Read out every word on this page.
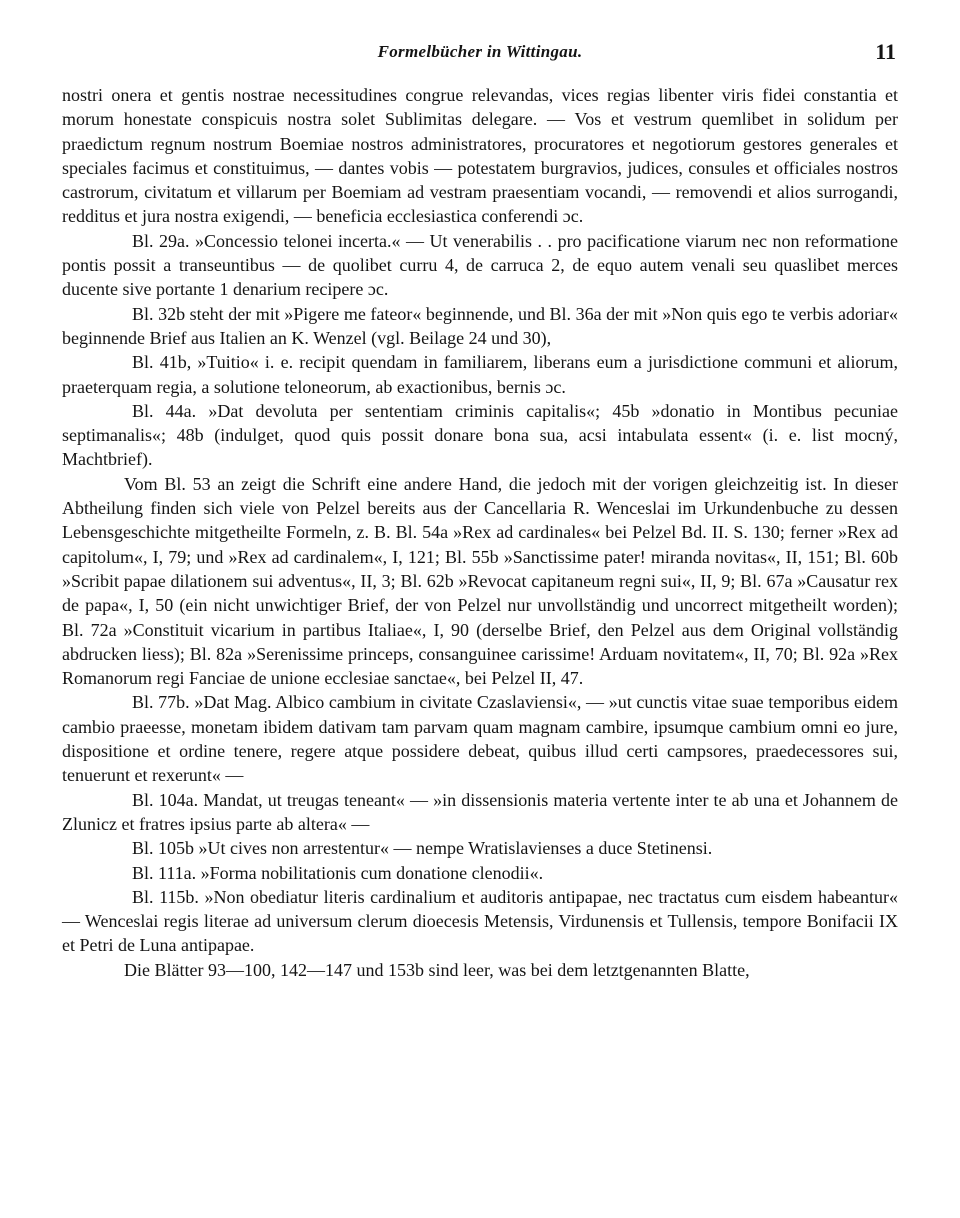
Formelbücher in Wittingau.	11

nostri onera et gentis nostrae necessitudines congrue relevandas, vices regias libenter viris fidei constantia et morum honestate conspicuis nostra solet Sublimitas delegare. — Vos et vestrum quemlibet in solidum per praedictum regnum nostrum Boemiae nostros administratores, procuratores et negotiorum gestores generales et speciales facimus et constituimus, — dantes vobis — potestatem burgravios, judices, consules et officiales nostros castrorum, civitatum et villarum per Boemiam ad vestram praesentiam vocandi, — removendi et alios surrogandi, redditus et jura nostra exigendi, — beneficia ecclesiastica conferendi ɔc.

Bl. 29a. »Concessio telonei incerta.« — Ut venerabilis . . pro pacificatione viarum nec non reformatione pontis possit a transeuntibus — de quolibet curru 4, de carruca 2, de equo autem venali seu quaslibet merces ducente sive portante 1 denarium recipere ɔc.

Bl. 32b steht der mit »Pigere me fateor« beginnende, und Bl. 36a der mit »Non quis ego te verbis adoriar« beginnende Brief aus Italien an K. Wenzel (vgl. Beilage 24 und 30),

Bl. 41b, »Tuitio« i. e. recipit quendam in familiarem, liberans eum a jurisdictione communi et aliorum, praeterquam regia, a solutione teloneorum, ab exactionibus, bernis ɔc.

Bl. 44a. »Dat devoluta per sententiam criminis capitalis«; 45b »donatio in Montibus pecuniae septimanalis«; 48b (indulget, quod quis possit donare bona sua, acsi intabulata essent« (i. e. list mocný, Machtbrief).

Vom Bl. 53 an zeigt die Schrift eine andere Hand, die jedoch mit der vorigen gleichzeitig ist. In dieser Abtheilung finden sich viele von Pelzel bereits aus der Cancellaria R. Wenceslai im Urkundenbuche zu dessen Lebensgeschichte mitgetheilte Formeln, z. B. Bl. 54a »Rex ad cardinales« bei Pelzel Bd. II. S. 130; ferner »Rex ad capitolum«, I, 79; und »Rex ad cardinalem«, I, 121; Bl. 55b »Sanctissime pater! miranda novitas«, II, 151; Bl. 60b »Scribit papae dilationem sui adventus«, II, 3; Bl. 62b »Revocat capitaneum regni sui«, II, 9; Bl. 67a »Causatur rex de papa«, I, 50 (ein nicht unwichtiger Brief, der von Pelzel nur unvollständig und uncorrect mitgetheilt worden); Bl. 72a »Constituit vicarium in partibus Italiae«, I, 90 (derselbe Brief, den Pelzel aus dem Original vollständig abdrucken liess); Bl. 82a »Serenissime princeps, consanguinee carissime! Arduam novitatem«, II, 70; Bl. 92a »Rex Romanorum regi Fanciae de unione ecclesiae sanctae«, bei Pelzel II, 47.

Bl. 77b. »Dat Mag. Albico cambium in civitate Czaslaviensi«, — »ut cunctis vitae suae temporibus eidem cambio praeesse, monetam ibidem dativam tam parvam quam magnam cambire, ipsumque cambium omni eo jure, dispositione et ordine tenere, regere atque possidere debeat, quibus illud certi campsores, praedecessores sui, tenuerunt et rexerunt« —

Bl. 104a. Mandat, ut treugas teneant« — »in dissensionis materia vertente inter te ab una et Johannem de Zlunicz et fratres ipsius parte ab altera« —

Bl. 105b »Ut cives non arrestentur« — nempe Wratislavienses a duce Stetinensi.

Bl. 111a. »Forma nobilitationis cum donatione clenodii«.

Bl. 115b. »Non obediatur literis cardinalium et auditoris antipapae, nec tractatus cum eisdem habeantur« — Wenceslai regis literae ad universum clerum dioecesis Metensis, Virdunensis et Tullensis, tempore Bonifacii IX et Petri de Luna antipapae.

Die Blätter 93—100, 142—147 und 153b sind leer, was bei dem letztgenannten Blatte,
